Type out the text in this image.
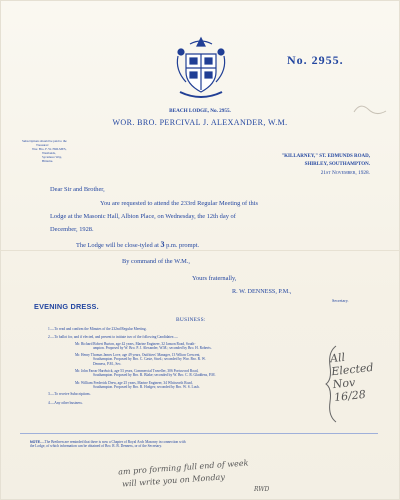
No. 2955.
BEACH LODGE, No. 2955.
WOR. BRO. PERCIVAL J. ALEXANDER, W.M.
Subscriptions should be paid to the
Treasurer:
Wor. Bro. F. W. HOLMES,
Westlands,
Sycamore Way,
Bitterne.
"KILLARNEY," ST. EDMUNDS ROAD,
SHIRLEY, SOUTHAMPTON.
21st November, 1928.
Dear Sir and Brother,
You are requested to attend the 233rd Regular Meeting of this
Lodge at the Masonic Hall, Albion Place, on Wednesday, the 12th day of
December, 1928.
The Lodge will be close-tyled at 3 p.m. prompt.
By command of the W.M.,
Yours fraternally,
R. W. DENNESS, P.M.,
Secretary.
EVENING DRESS.
BUSINESS:
1.—To read and confirm the Minutes of the 232nd Regular Meeting.
2.—To ballot for, and if elected, and present to initiate two of the following Candidates:—
Mr. Richard Robert Burton, age 42 years, Marine Engineer, 32 Janson Road, South-
ampton. Proposed by W. Bro. P. J. Alexander, W.M.; seconded by Bro. H. Roberts.
Mr. Henry Thomas James Love, age 49 years, Outfitters' Manager, 13 Wilton Crescent,
Southampton. Proposed by Bro. C. Caste, Stwd.; seconded by Wor. Bro. R. W.
Denness, P.M., Sec.
Mr. John Farrar Hardwick, age 53 years, Commercial Traveller, 306 Portswood Road,
Southampton. Proposed by Bro. R. Blake; seconded by W. Bro. C. R. Gladdens, P.M.
Mr. William Frederick Drew, age 25 years, Marine Engineer, 34 Whitworth Road,
Southampton. Proposed by Bro. R. Hodges; seconded by Bro. W. S. Lush.
3.—To receive Subscriptions.
4.—Any other business.
NOTE.—The Brethren are reminded that there is now a Chapter of Royal Arch Masonry in connection with
the Lodge, of which information can be obtained of Bro. R. B. Denness, or of the Secretary.
All
Elected
Nov
16/28
am pro forming full end of week
will write you on Monday
RWD
